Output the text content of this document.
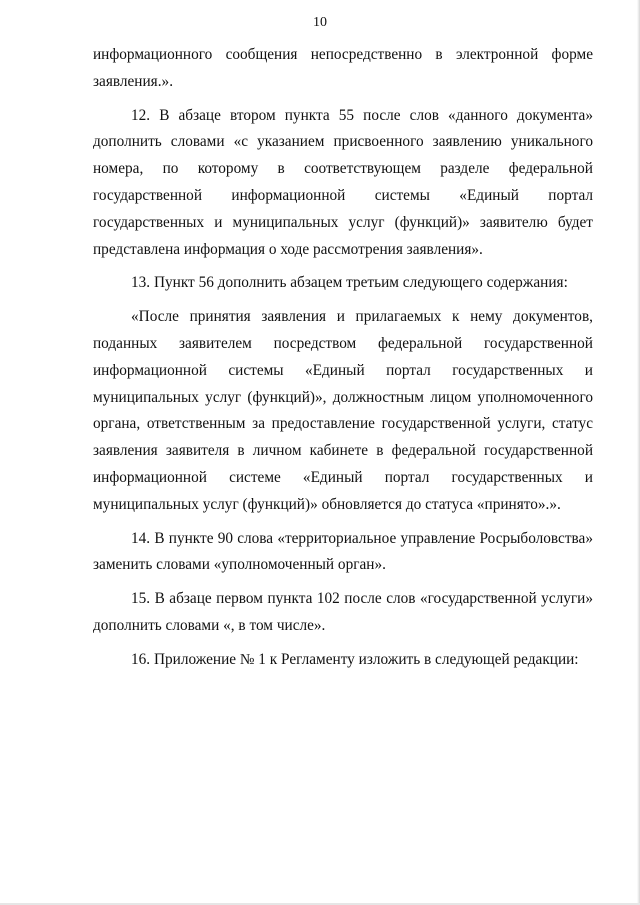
10

информационного сообщения непосредственно в электронной форме заявления.».

12. В абзаце втором пункта 55 после слов «данного документа» дополнить словами «с указанием присвоенного заявлению уникального номера, по которому в соответствующем разделе федеральной государственной информационной системы «Единый портал государственных и муниципальных услуг (функций)» заявителю будет представлена информация о ходе рассмотрения заявления».

13. Пункт 56 дополнить абзацем третьим следующего содержания:

«После принятия заявления и прилагаемых к нему документов, поданных заявителем посредством федеральной государственной информационной системы «Единый портал государственных и муниципальных услуг (функций)», должностным лицом уполномоченного органа, ответственным за предоставление государственной услуги, статус заявления заявителя в личном кабинете в федеральной государственной информационной системе «Единый портал государственных и муниципальных услуг (функций)» обновляется до статуса «принято».».

14. В пункте 90 слова «территориальное управление Росрыболовства» заменить словами «уполномоченный орган».

15. В абзаце первом пункта 102 после слов «государственной услуги» дополнить словами «, в том числе».

16. Приложение № 1 к Регламенту изложить в следующей редакции:
